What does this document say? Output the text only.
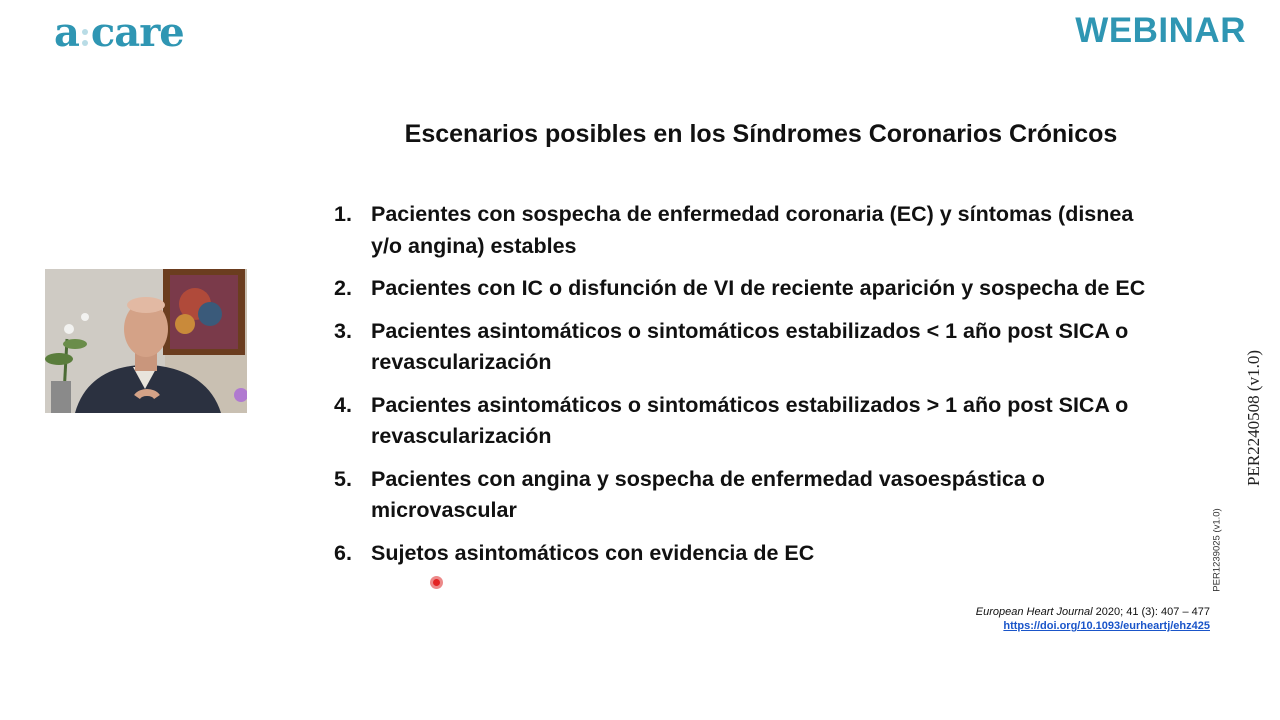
a care	WEBINAR
Escenarios posibles en los Síndromes Coronarios Crónicos
1. Pacientes con sospecha de enfermedad coronaria (EC) y síntomas (disnea y/o angina) estables
2. Pacientes con IC o disfunción de VI de reciente aparición y sospecha de EC
3. Pacientes asintomáticos o sintomáticos estabilizados < 1 año post SICA o revascularización
4. Pacientes asintomáticos o sintomáticos estabilizados > 1 año post SICA o revascularización
5. Pacientes con angina y sospecha de enfermedad vasoespástica o microvascular
6. Sujetos asintomáticos con evidencia de EC
European Heart Journal 2020; 41 (3): 407 – 477
https://doi.org/10.1093/eurheartj/ehz425
PER1239025 (v1.0)
PER2240508 (v1.0)
